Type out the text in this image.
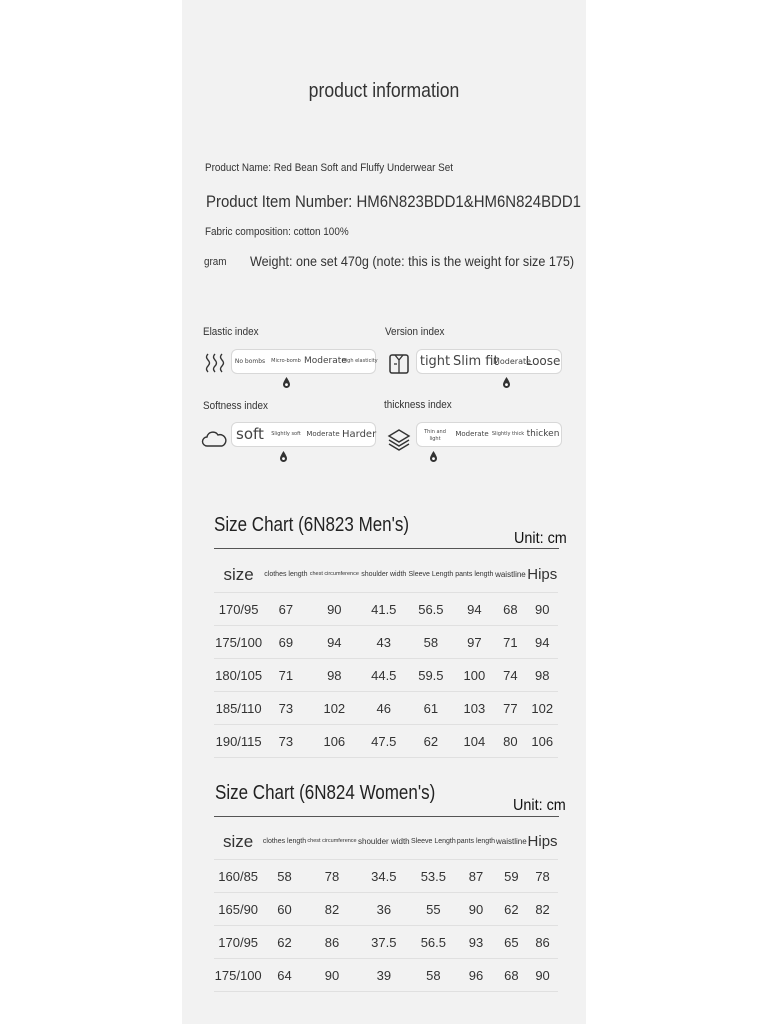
product information
Product Name: Red Bean Soft and Fluffy Underwear Set
Product Item Number: HM6N823BDD1&HM6N824BDD1
Fabric composition: cotton 100%
gram Weight: one set 470g (note: this is the weight for size 175)
Elastic index
No bombs	Micro-bomb Moderate
High elasticity
Version index
tight Slim fit
Moderate
Loose
Softness index
soft	Slightly soft Moderate Harder
thickness index
Thin and light
Moderate Slightly thick thicken
Size Chart (6N823 Men's)
Unit: cm
size	clothes length	chest circumference	shoulder width	Sleeve Length	pants length	waistline	Hips
170/95	67	90	41.5	56.5	94	68	90
175/100	69	94	43	58	97	71	94
180/105	71	98	44.5	59.5	100	74	98
185/110	73	102	46	61	103	77	102
190/115	73	106	47.5	62	104	80	106
Size Chart (6N824 Women's)
Unit: cm
size	clothes length	chest circumference	shoulder width	Sleeve Length	pants length	waistline	Hips
160/85	58	78	34.5	53.5	87	59	78
165/90	60	82	36	55	90	62	82
170/95	62	86	37.5	56.5	93	65	86
175/100	64	90	39	58	96	68	90
